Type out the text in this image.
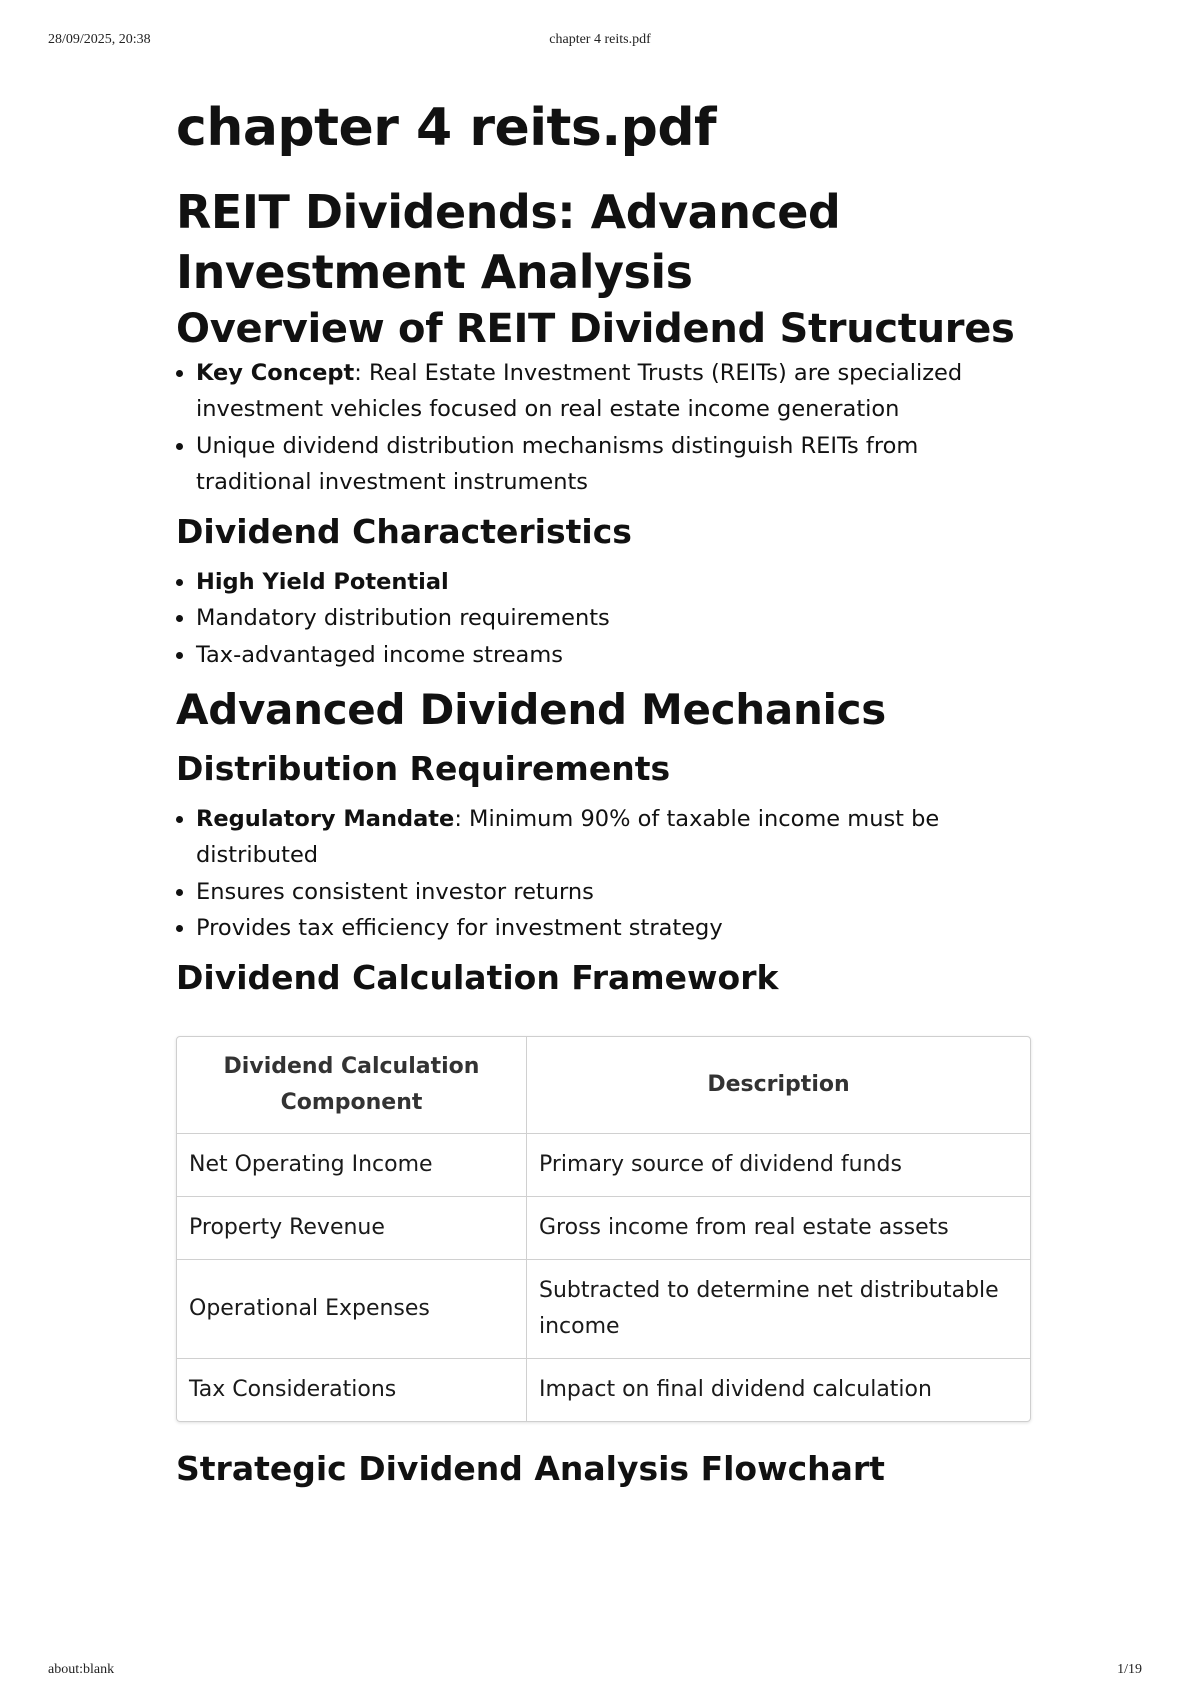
28/09/2025, 20:38	chapter 4 reits.pdf
chapter 4 reits.pdf
REIT Dividends: Advanced Investment Analysis
Overview of REIT Dividend Structures
• Key Concept: Real Estate Investment Trusts (REITs) are specialized investment vehicles focused on real estate income generation
• Unique dividend distribution mechanisms distinguish REITs from traditional investment instruments
Dividend Characteristics
• High Yield Potential
• Mandatory distribution requirements
• Tax-advantaged income streams
Advanced Dividend Mechanics
Distribution Requirements
• Regulatory Mandate: Minimum 90% of taxable income must be distributed
• Ensures consistent investor returns
• Provides tax efficiency for investment strategy
Dividend Calculation Framework
Dividend Calculation Component	Description
Net Operating Income	Primary source of dividend funds
Property Revenue	Gross income from real estate assets
Operational Expenses	Subtracted to determine net distributable income
Tax Considerations	Impact on final dividend calculation
Strategic Dividend Analysis Flowchart
about:blank	1/19
